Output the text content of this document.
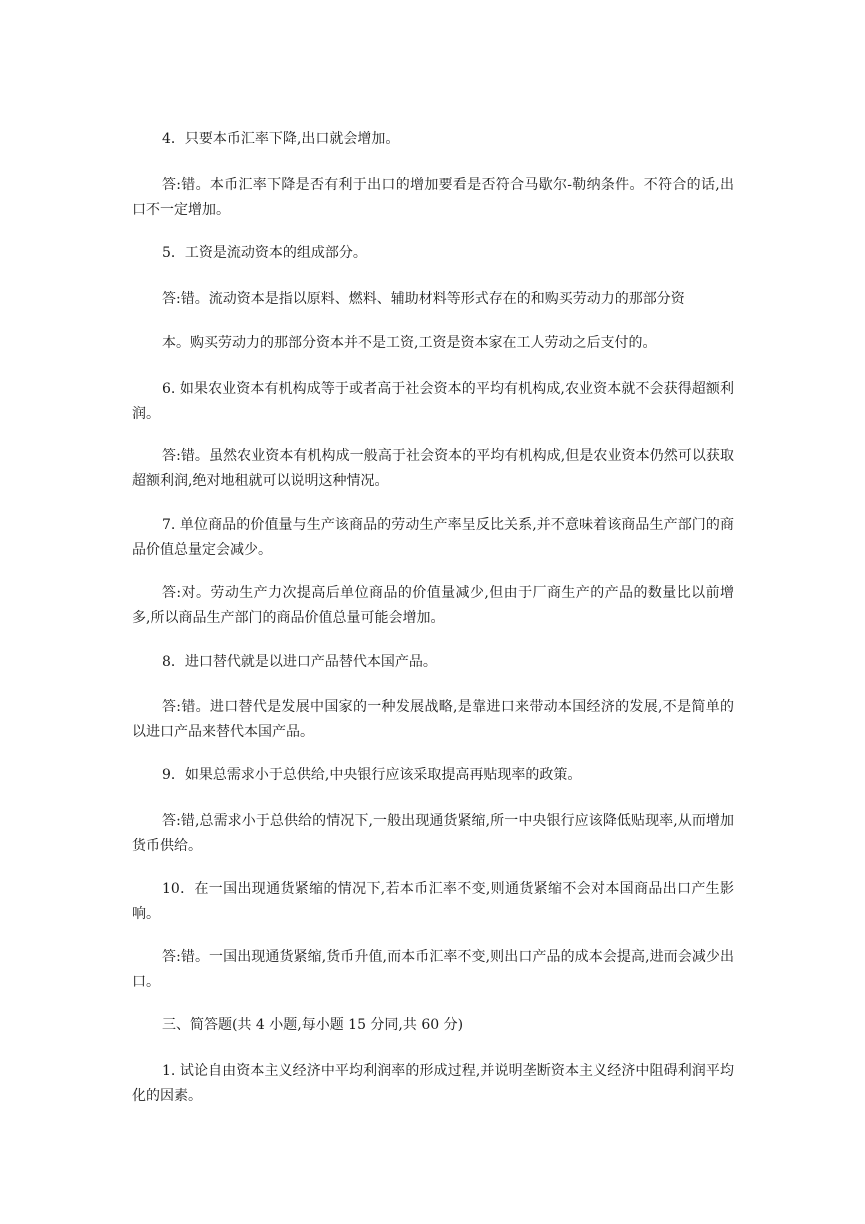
4．只要本币汇率下降,出口就会增加。

答:错。本币汇率下降是否有利于出口的增加要看是否符合马歇尔-勒纳条件。不符合的话,出口不一定增加。

5．工资是流动资本的组成部分。

答:错。流动资本是指以原料、燃料、辅助材料等形式存在的和购买劳动力的那部分资

本。购买劳动力的那部分资本并不是工资,工资是资本家在工人劳动之后支付的。

6. 如果农业资本有机构成等于或者高于社会资本的平均有机构成,农业资本就不会获得超额利润。

答:错。虽然农业资本有机构成一般高于社会资本的平均有机构成,但是农业资本仍然可以获取超额利润,绝对地租就可以说明这种情况。

7. 单位商品的价值量与生产该商品的劳动生产率呈反比关系,并不意味着该商品生产部门的商品价值总量定会减少。

答:对。劳动生产力次提高后单位商品的价值量减少,但由于厂商生产的产品的数量比以前增多,所以商品生产部门的商品价值总量可能会增加。

8．进口替代就是以进口产品替代本国产品。

答:错。进口替代是发展中国家的一种发展战略,是靠进口来带动本国经济的发展,不是简单的以进口产品来替代本国产品。

9．如果总需求小于总供给,中央银行应该采取提高再贴现率的政策。

答:错,总需求小于总供给的情况下,一般出现通货紧缩,所一中央银行应该降低贴现率,从而增加货币供给。

10．在一国出现通货紧缩的情况下,若本币汇率不变,则通货紧缩不会对本国商品出口产生影响。

答:错。一国出现通货紧缩,货币升值,而本币汇率不变,则出口产品的成本会提高,进而会减少出口。

三、简答题(共 4 小题,每小题 15 分同,共 60 分)

1. 试论自由资本主义经济中平均利润率的形成过程,并说明垄断资本主义经济中阻碍利润平均化的因素。
